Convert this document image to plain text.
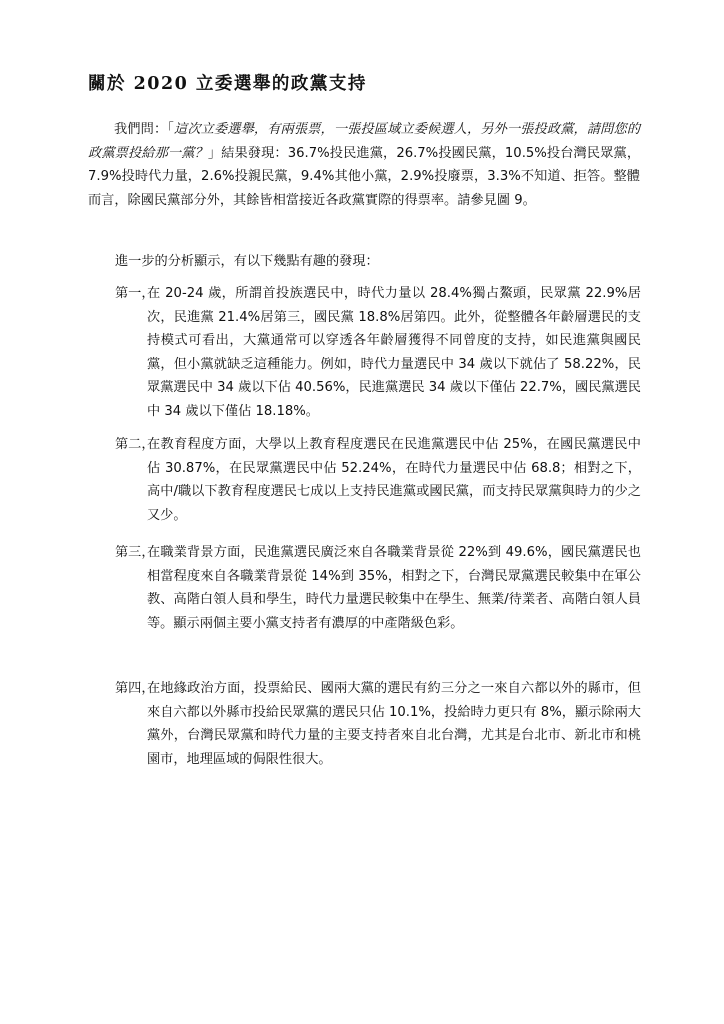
關於 2020 立委選舉的政黨支持

我們問：「這次立委選舉，有兩張票，一張投區域立委候選人，另外一張投政黨，請問您的政黨票投給那一黨？」結果發現：36.7%投民進黨，26.7%投國民黨，10.5%投台灣民眾黨，7.9%投時代力量，2.6%投親民黨，9.4%其他小黨，2.9%投廢票，3.3%不知道、拒答。整體而言，除國民黨部分外，其餘皆相當接近各政黨實際的得票率。請參見圖 9。

進一步的分析顯示，有以下幾點有趣的發現：

第一，
在 20-24 歲，所謂首投族選民中，時代力量以 28.4%獨占鰲頭，民眾黨 22.9%居次，民進黨 21.4%居第三，國民黨 18.8%居第四。此外，從整體各年齡層選民的支持模式可看出，大黨通常可以穿透各年齡層獲得不同曾度的支持，如民進黨與國民黨，但小黨就缺乏這種能力。例如，時代力量選民中 34 歲以下就佔了 58.22%，民眾黨選民中 34 歲以下佔 40.56%，民進黨選民 34 歲以下僅佔 22.7%，國民黨選民中 34 歲以下僅佔 18.18%。
第二，
在教育程度方面，大學以上教育程度選民在民進黨選民中佔 25%，在國民黨選民中佔 30.87%，在民眾黨選民中佔 52.24%，在時代力量選民中佔 68.8；相對之下，高中/職以下教育程度選民七成以上支持民進黨或國民黨，而支持民眾黨與時力的少之又少。
第三，
在職業背景方面，民進黨選民廣泛來自各職業背景從 22%到 49.6%，國民黨選民也相當程度來自各職業背景從 14%到 35%，相對之下，台灣民眾黨選民較集中在軍公教、高階白領人員和學生，時代力量選民較集中在學生、無業/待業者、高階白領人員等。顯示兩個主要小黨支持者有濃厚的中產階級色彩。
第四，
在地緣政治方面，投票給民、國兩大黨的選民有約三分之一來自六都以外的縣市，但來自六都以外縣市投給民眾黨的選民只佔 10.1%，投給時力更只有 8%，顯示除兩大黨外，台灣民眾黨和時代力量的主要支持者來自北台灣，尤其是台北市、新北市和桃園市，地理區域的侷限性很大。
